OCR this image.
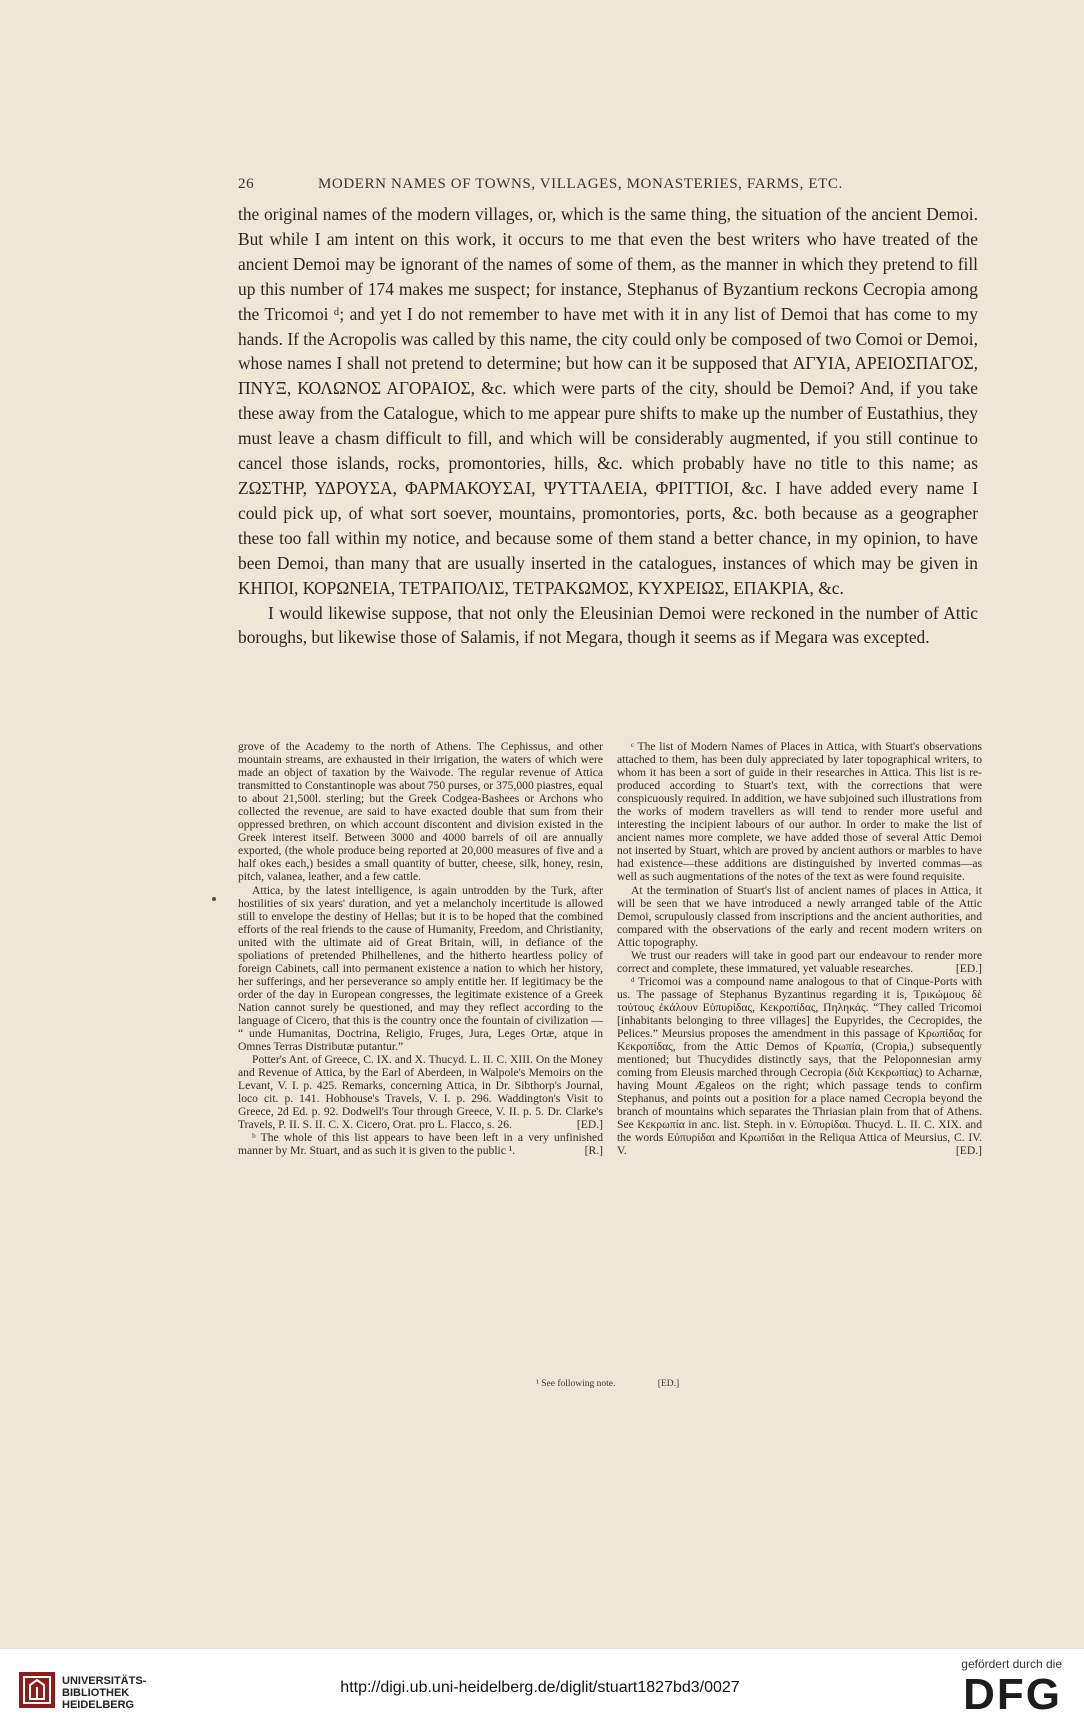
26	MODERN NAMES OF TOWNS, VILLAGES, MONASTERIES, FARMS, ETC.

the original names of the modern villages, or, which is the same thing, the situation of the ancient Demoi. But while I am intent on this work, it occurs to me that even the best writers who have treated of the ancient Demoi may be ignorant of the names of some of them, as the manner in which they pretend to fill up this number of 174 makes me suspect; for instance, Stephanus of Byzantium reckons Cecropia among the Tricomoi ᵈ; and yet I do not remember to have met with it in any list of Demoi that has come to my hands. If the Acropolis was called by this name, the city could only be composed of two Comoi or Demoi, whose names I shall not pretend to determine; but how can it be supposed that ΑΓΥΙΑ, ΑΡΕΙΟΣΠΑΓΟΣ, ΠΝΥΞ, ΚΟΛΩΝΟΣ ΑΓΟΡΑΙΟΣ, &c. which were parts of the city, should be Demoi? And, if you take these away from the Catalogue, which to me appear pure shifts to make up the number of Eustathius, they must leave a chasm difficult to fill, and which will be considerably augmented, if you still continue to cancel those islands, rocks, promontories, hills, &c. which probably have no title to this name; as ΖΩΣΤΗΡ, ΥΔΡΟΥΣΑ, ΦΑΡΜΑΚΟΥΣΑΙ, ΨΥΤΤΑΛΕΙΑ, ΦΡΙΤΤΙΟΙ, &c. I have added every name I could pick up, of what sort soever, mountains, promontories, ports, &c. both because as a geographer these too fall within my notice, and because some of them stand a better chance, in my opinion, to have been Demoi, than many that are usually inserted in the catalogues, instances of which may be given in ΚΗΠΟΙ, ΚΟΡΩΝΕΙΑ, ΤΕΤΡΑΠΟΛΙΣ, ΤΕΤΡΑΚΩΜΟΣ, ΚΥΧΡΕΙΩΣ, ΕΠΑΚΡΙΑ, &c.

I would likewise suppose, that not only the Eleusinian Demoi were reckoned in the number of Attic boroughs, but likewise those of Salamis, if not Megara, though it seems as if Megara was excepted.

grove of the Academy to the north of Athens. The Cephissus, and other mountain streams, are exhausted in their irrigation, the waters of which were made an object of taxation by the Waivode. The regular revenue of Attica transmitted to Constantinople was about 750 purses, or 375,000 piastres, equal to about 21,500l. sterling; but the Greek Codgea-Bashees or Archons who collected the revenue, are said to have exacted double that sum from their oppressed brethren, on which account discontent and division existed in the Greek interest itself. Between 3000 and 4000 barrels of oil are annually exported, (the whole produce being reported at 20,000 measures of five and a half okes each,) besides a small quantity of butter, cheese, silk, honey, resin, pitch, valanea, leather, and a few cattle.

Attica, by the latest intelligence, is again untrodden by the Turk, after hostilities of six years' duration, and yet a melancholy incertitude is allowed still to envelope the destiny of Hellas; but it is to be hoped that the combined efforts of the real friends to the cause of Humanity, Freedom, and Christianity, united with the ultimate aid of Great Britain, will, in defiance of the spoliations of pretended Philhellenes, and the hitherto heartless policy of foreign Cabinets, call into permanent existence a nation to which her history, her sufferings, and her perseverance so amply entitle her. If legitimacy be the order of the day in European congresses, the legitimate existence of a Greek Nation cannot surely be questioned, and may they reflect according to the language of Cicero, that this is the country once the fountain of civilization — “ unde Humanitas, Doctrina, Religio, Fruges, Jura, Leges Ortæ, atque in Omnes Terras Distributæ putantur.”

Potter's Ant. of Greece, C. IX. and X. Thucyd. L. II. C. XIII. On the Money and Revenue of Attica, by the Earl of Aberdeen, in Walpole's Memoirs on the Levant, V. I. p. 425. Remarks, concerning Attica, in Dr. Sibthorp's Journal, loco cit. p. 141. Hobhouse's Travels, V. I. p. 296. Waddington's Visit to Greece, 2d Ed. p. 92. Dodwell's Tour through Greece, V. II. p. 5. Dr. Clarke's Travels, P. II. S. II. C. X. Cicero, Orat. pro L. Flacco, s. 26.	[ED.]

ᵇ The whole of this list appears to have been left in a very unfinished manner by Mr. Stuart, and as such it is given to the public ¹.	[R.]

ᶜ The list of Modern Names of Places in Attica, with Stuart's observations attached to them, has been duly appreciated by later topographical writers, to whom it has been a sort of guide in their researches in Attica. This list is re-produced according to Stuart's text, with the corrections that were conspicuously required. In addition, we have subjoined such illustrations from the works of modern travellers as will tend to render more useful and interesting the incipient labours of our author. In order to make the list of ancient names more complete, we have added those of several Attic Demoi not inserted by Stuart, which are proved by ancient authors or marbles to have had existence—these additions are distinguished by inverted commas—as well as such augmentations of the notes of the text as were found requisite.

At the termination of Stuart's list of ancient names of places in Attica, it will be seen that we have introduced a newly arranged table of the Attic Demoi, scrupulously classed from inscriptions and the ancient authorities, and compared with the observations of the early and recent modern writers on Attic topography.

We trust our readers will take in good part our endeavour to render more correct and complete, these immatured, yet valuable researches.	[ED.]

ᵈ Tricomoi was a compound name analogous to that of Cinque-Ports with us. The passage of Stephanus Byzantinus regarding it is, Τρικώμους δὲ τούτους ἐκάλουν Εὐπυρίδας, Κεκροπίδας, Πηληκάς. “They called Tricomoi [inhabitants belonging to three villages] the Eupyrides, the Cecropides, the Pelices.” Meursius proposes the amendment in this passage of Κρωπίδας for Κεκροπίδας, from the Attic Demos of Κρωπία, (Cropia,) subsequently mentioned; but Thucydides distinctly says, that the Peloponnesian army coming from Eleusis marched through Cecropia (διὰ Κεκρωπίας) to Acharnæ, having Mount Ægaleos on the right; which passage tends to confirm Stephanus, and points out a position for a place named Cecropia beyond the branch of mountains which separates the Thriasian plain from that of Athens. See Κεκρωπία in anc. list. Steph. in v. Εὐπυρίδαι. Thucyd. L. II. C. XIX. and the words Εὐπυρίδαι and Κρωπίδαι in the Reliqua Attica of Meursius, C. IV. V.	[ED.]

¹ See following note.	[ED.]
UNIVERSITÄTS-
BIBLIOTHEK
HEIDELBERG
http://digi.ub.uni-heidelberg.de/diglit/stuart1827bd3/0027
gefördert durch die
DFG
